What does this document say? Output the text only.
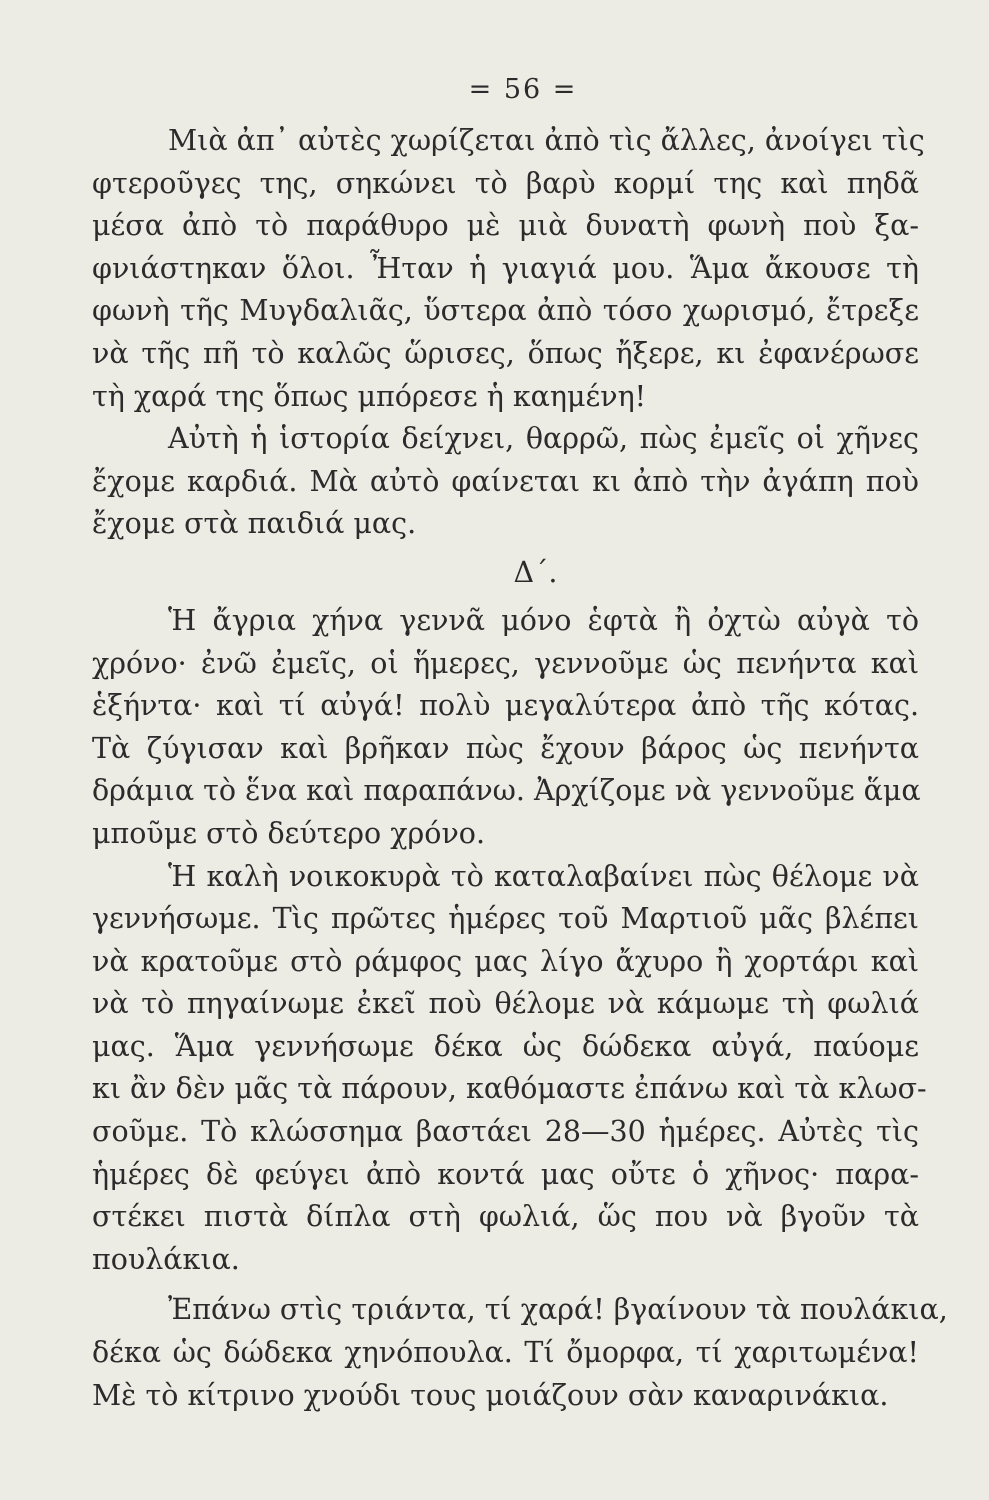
= 56 =
Μιὰ ἀπ᾽ αὐτὲς χωρίζεται ἀπὸ τὶς ἄλλες, ἀνοίγει τὶς
φτεροῦγες της, σηκώνει τὸ βαρὺ κορμί της καὶ πηδᾶ
μέσα ἀπὸ τὸ παράθυρο μὲ μιὰ δυνατὴ φωνὴ ποὺ ξα-
φνιάστηκαν ὅλοι. Ἦταν ἡ γιαγιά μου. Ἅμα ἄκουσε τὴ
φωνὴ τῆς Μυγδαλιᾶς, ὕστερα ἀπὸ τόσο χωρισμό, ἔτρεξε
νὰ τῆς πῆ τὸ καλῶς ὥρισες, ὅπως ἤξερε, κι ἐφανέρωσε
τὴ χαρά της ὅπως μπόρεσε ἡ καημένη!
Αὐτὴ ἡ ἱστορία δείχνει, θαρρῶ, πὼς ἐμεῖς οἱ χῆνες
ἔχομε καρδιά. Μὰ αὐτὸ φαίνεται κι ἀπὸ τὴν ἀγάπη ποὺ
ἔχομε στὰ παιδιά μας.
Δ΄.
Ἡ ἄγρια χήνα γεννᾶ μόνο ἑφτὰ ἢ ὀχτὼ αὐγὰ τὸ
χρόνο· ἐνῶ ἐμεῖς, οἱ ἥμερες, γεννοῦμε ὡς πενήντα καὶ
ἑξήντα· καὶ τί αὐγά! πολὺ μεγαλύτερα ἀπὸ τῆς κότας.
Τὰ ζύγισαν καὶ βρῆκαν πὼς ἔχουν βάρος ὡς πενήντα
δράμια τὸ ἕνα καὶ παραπάνω. Ἀρχίζομε νὰ γεννοῦμε ἅμα
μποῦμε στὸ δεύτερο χρόνο.
Ἡ καλὴ νοικοκυρὰ τὸ καταλαβαίνει πὼς θέλομε νὰ
γεννήσωμε. Τὶς πρῶτες ἡμέρες τοῦ Μαρτιοῦ μᾶς βλέπει
νὰ κρατοῦμε στὸ ράμφος μας λίγο ἄχυρο ἢ χορτάρι καὶ
νὰ τὸ πηγαίνωμε ἐκεῖ ποὺ θέλομε νὰ κάμωμε τὴ φωλιά
μας. Ἅμα γεννήσωμε δέκα ὡς δώδεκα αὐγά, παύομε
κι ἂν δὲν μᾶς τὰ πάρουν, καθόμαστε ἐπάνω καὶ τὰ κλωσ-
σοῦμε. Τὸ κλώσσημα βαστάει 28—30 ἡμέρες. Αὐτὲς τὶς
ἡμέρες δὲ φεύγει ἀπὸ κοντά μας οὔτε ὁ χῆνος· παρα-
στέκει πιστὰ δίπλα στὴ φωλιά, ὥς που νὰ βγοῦν τὰ
πουλάκια.
Ἐπάνω στὶς τριάντα, τί χαρά! βγαίνουν τὰ πουλάκια,
δέκα ὡς δώδεκα χηνόπουλα. Τί ὄμορφα, τί χαριτωμένα!
Μὲ τὸ κίτρινο χνούδι τους μοιάζουν σὰν καναρινάκια.
